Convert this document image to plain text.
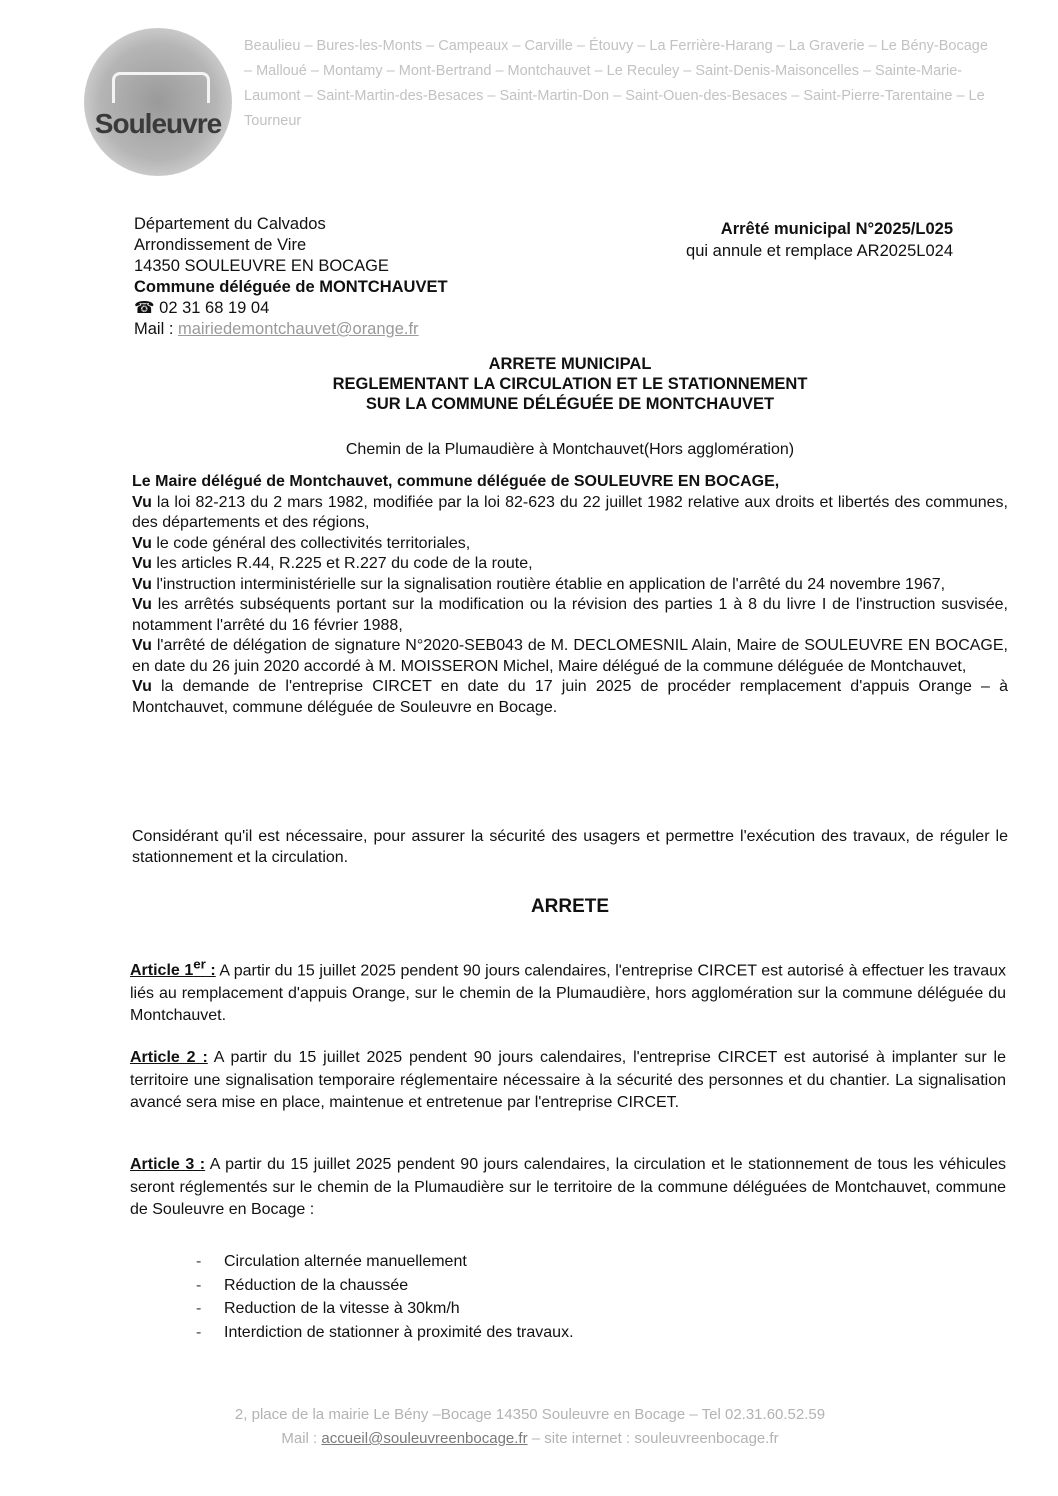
Souleuvre
Beaulieu – Bures-les-Monts – Campeaux – Carville – Étouvy – La Ferrière-Harang – La Graverie – Le Bény-Bocage – Malloué – Montamy – Mont-Bertrand – Montchauvet – Le Reculey – Saint-Denis-Maisoncelles – Sainte-Marie-Laumont – Saint-Martin-des-Besaces – Saint-Martin-Don – Saint-Ouen-des-Besaces – Saint-Pierre-Tarentaine – Le Tourneur
Département du Calvados
Arrondissement de Vire
14350 SOULEUVRE EN BOCAGE
Commune déléguée de MONTCHAUVET
☎ 02 31 68 19 04
Mail : mairiedemontchauvet@orange.fr
Arrêté municipal N°2025/L025
qui annule et remplace AR2025L024
ARRETE MUNICIPAL
REGLEMENTANT LA CIRCULATION ET LE STATIONNEMENT
SUR LA COMMUNE DÉLÉGUÉE DE MONTCHAUVET
Chemin de la Plumaudière à Montchauvet(Hors agglomération)

Le Maire délégué de Montchauvet, commune déléguée de SOULEUVRE EN BOCAGE,

Vu la loi 82-213 du 2 mars 1982, modifiée par la loi 82-623 du 22 juillet 1982 relative aux droits et libertés des communes, des départements et des régions,

Vu le code général des collectivités territoriales,

Vu les articles R.44, R.225 et R.227 du code de la route,

Vu l'instruction interministérielle sur la signalisation routière établie en application de l'arrêté du 24 novembre 1967,

Vu les arrêtés subséquents portant sur la modification ou la révision des parties 1 à 8 du livre I de l'instruction susvisée, notamment l'arrêté du 16 février 1988,

Vu l'arrêté de délégation de signature N°2020-SEB043 de M. DECLOMESNIL Alain, Maire de SOULEUVRE EN BOCAGE, en date du 26 juin 2020 accordé à M. MOISSERON Michel, Maire délégué de la commune déléguée de Montchauvet,

Vu la demande de l'entreprise CIRCET en date du 17 juin 2025 de procéder remplacement d'appuis Orange – à Montchauvet, commune déléguée de Souleuvre en Bocage.

Considérant qu'il est nécessaire, pour assurer la sécurité des usagers et permettre l'exécution des travaux, de réguler le stationnement et la circulation.
ARRETE
Article 1er : A partir du 15 juillet 2025 pendent 90 jours calendaires, l'entreprise CIRCET est autorisé à effectuer les travaux liés au remplacement d'appuis Orange, sur le chemin de la Plumaudière, hors agglomération sur la commune déléguée du Montchauvet.
Article 2 : A partir du 15 juillet 2025 pendent 90 jours calendaires, l'entreprise CIRCET est autorisé à implanter sur le territoire une signalisation temporaire réglementaire nécessaire à la sécurité des personnes et du chantier. La signalisation avancé sera mise en place, maintenue et entretenue par l'entreprise CIRCET.
Article 3 : A partir du 15 juillet 2025 pendent 90 jours calendaires, la circulation et le stationnement de tous les véhicules seront réglementés sur le chemin de la Plumaudière sur le territoire de la commune déléguées de Montchauvet, commune de Souleuvre en Bocage :
-	Circulation alternée manuellement
-	Réduction de la chaussée
-	Reduction de la vitesse à 30km/h
-	Interdiction de stationner à proximité des travaux.
2, place de la mairie Le Bény –Bocage 14350 Souleuvre en Bocage – Tel 02.31.60.52.59
Mail : accueil@souleuvreenbocage.fr – site internet : souleuvreenbocage.fr
